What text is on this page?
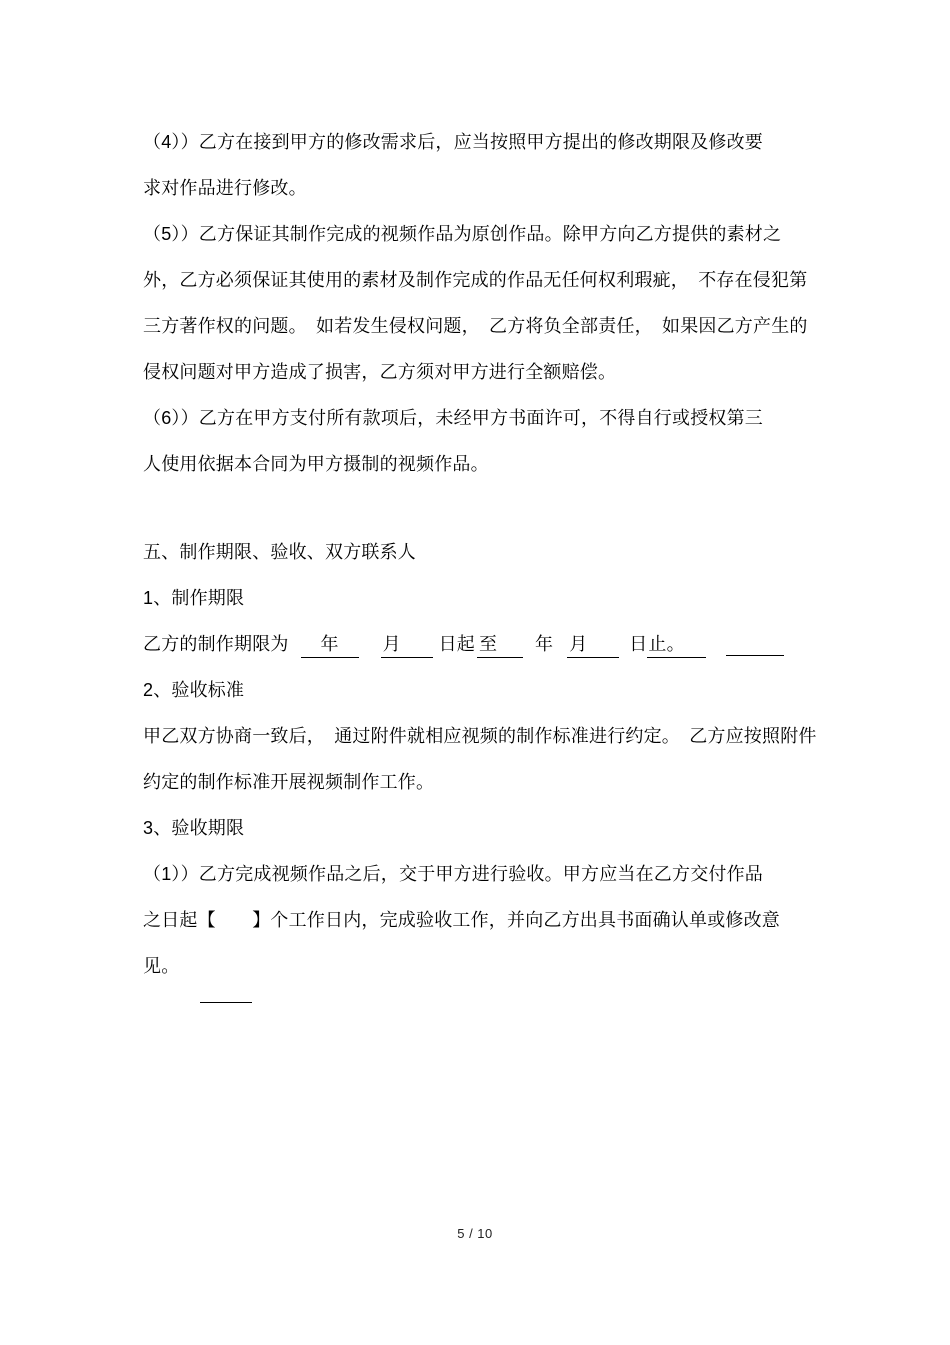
（4））乙方在接到甲方的修改需求后，应当按照甲方提出的修改期限及修改要
求对作品进行修改。
（5））乙方保证其制作完成的视频作品为原创作品。除甲方向乙方提供的素材之
外，乙方必须保证其使用的素材及制作完成的作品无任何权利瑕疵，　不存在侵犯第
三方著作权的问题。　如若发生侵权问题，　乙方将负全部责任，　如果因乙方产生的
侵权问题对甲方造成了损害，乙方须对甲方进行全额赔偿。
（6））乙方在甲方支付所有款项后，未经甲方书面许可，不得自行或授权第三
人使用依据本合同为甲方摄制的视频作品。
五、制作期限、验收、双方联系人
1、制作期限
乙方的制作期限为 年 月 日起 至 年 月 日止。
2、验收标准
甲乙双方协商一致后，　通过附件就相应视频的制作标准进行约定。　乙方应按照附件
约定的制作标准开展视频制作工作。
3、验收期限
（1））乙方完成视频作品之后，交于甲方进行验收。甲方应当在乙方交付作品
之日起【　　】个工作日内，完成验收工作，并向乙方出具书面确认单或修改意
见。
5 / 10
